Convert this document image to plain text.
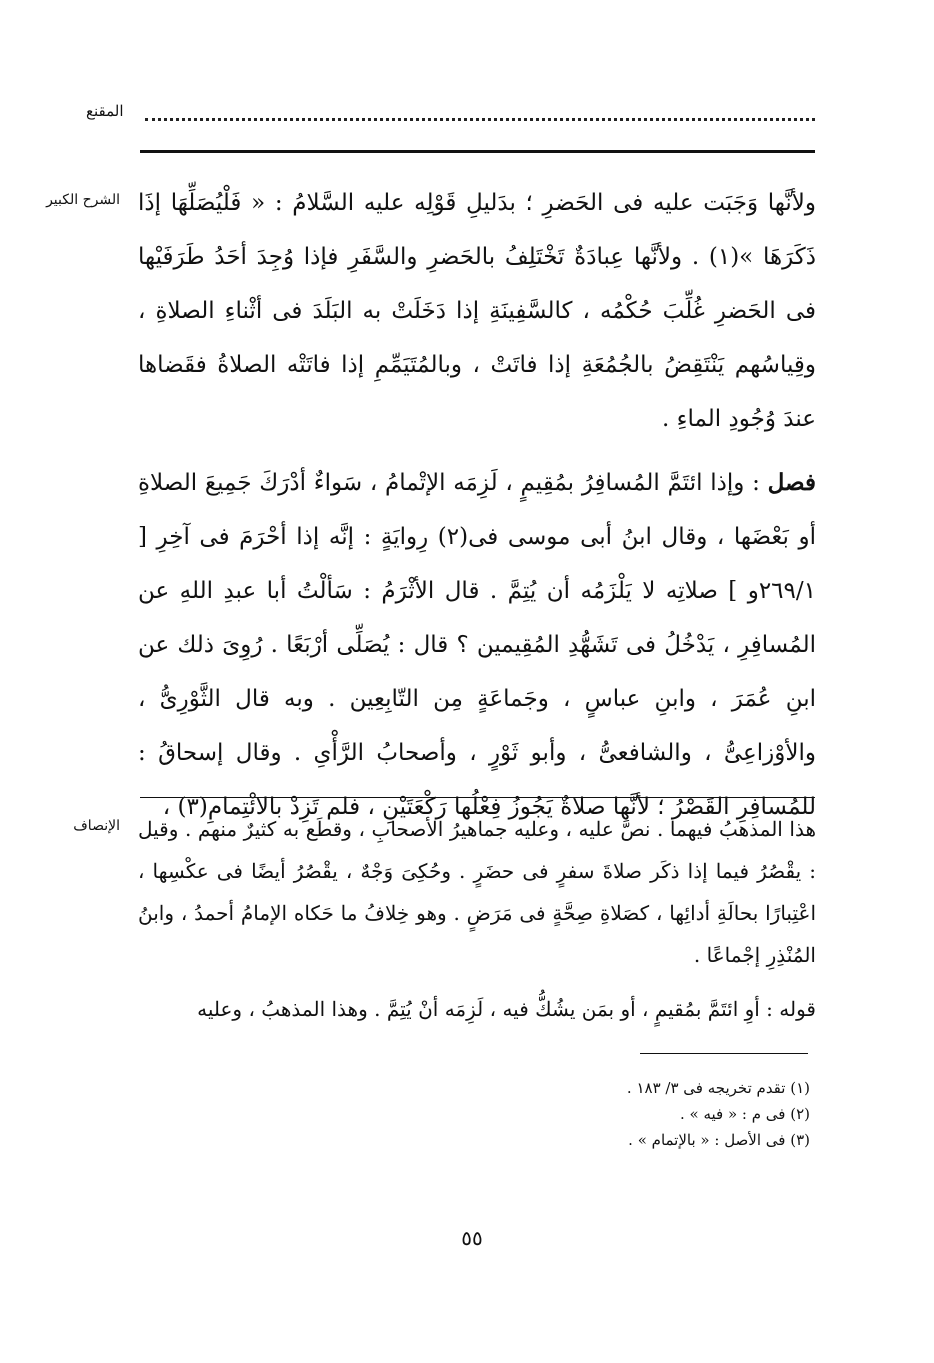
المقنع
الشرح الكبير ولأنَّها وَجَبَت عليه فى الحَضرِ ؛ بدَليلِ قَوْلِه عليه السَّلامُ : « فَلْيُصَلِّهَا إذَا ذَكَرَهَا »(١) . ولأنَّها عِبادَةٌ تَخْتَلِفُ بالحَضرِ والسَّفَرِ فإذا وُجِدَ أحَدُ طَرَفَيْها فى الحَضرِ غُلِّبَ حُكْمُه ، كالسَّفِينَةِ إذا دَخَلَتْ به البَلَدَ فى أثْناءِ الصلاةِ ، وقِياسُهم يَنْتَقِضُ بالجُمُعَةِ إذا فاتَتْ ، وبالمُتَيَمِّمِ إذا فاتَتْه الصلاةُ فقَضاها عندَ وُجُودِ الماءِ .

فصل : وإذا ائتَمَّ المُسافِرُ بمُقِيمٍ ، لَزِمَه الإتْمامُ ، سَواءٌ أدْرَكَ جَمِيعَ الصلاةِ أو بَعْضَها ، وقال ابنُ أبى موسى فى(٢) رِوايَةٍ : إنَّه إذا أحْرَمَ فى آخِرِ [ ٢٦٩/١و ] صلاتِه لا يَلْزَمُه أن يُتِمَّ . قال الأثْرَمُ : سَألْتُ أبا عبدِ اللهِ عن المُسافِرِ ، يَدْخُلُ فى تَشَهُّدِ المُقِيمين ؟ قال : يُصَلِّى أرْبَعًا . رُوِىَ ذلك عن ابنِ عُمَرَ ، وابنِ عباسٍ ، وجَماعَةٍ مِن التّابِعِين . وبه قال الثَّوْرِىُّ ، والأوْزاعِىُّ ، والشافعىُّ ، وأبو ثَوْرٍ ، وأصحابُ الرَّأْىِ . وقال إسحاقُ : للمُسافِرِ القَصْرُ ؛ لأنَّها صلاةٌ يَجُوزُ فِعْلُها رَكْعَتَيْنِ ، فلم تَزِدْ بالائْتِمامِ(٣) ،

الإنصاف هذا المذهبُ فيهما . نصَّ عليه ، وعليه جماهيرُ الأصحابِ ، وقطَع به كثيرٌ منهم . وقيل : يقْصُرُ فيما إذا ذكَر صلاةَ سفرٍ فى حضَرٍ . وحُكِىَ وَجْهٌ ، يقْصُرُ أيضًا فى عكْسِها ، اعْتِبارًا بحالَةِ أدائِها ، كصَلاةِ صِحَّةٍ فى مَرَضٍ . وهو خِلافُ ما حَكاه الإمامُ أحمدُ ، وابنُ المُنْذِرِ إجْماعًا .

قوله : أوِ ائتَمَّ بمُقيمٍ ، أو بمَن يشُكُّ فيه ، لَزِمَه أنْ يُتِمَّ . وهذا المذهبُ ، وعليه

(١) تقدم تخريجه فى ٣/ ١٨٣ .
(٢) فى م : « فيه » .
(٣) فى الأصل : « بالإتمام » .
٥٥
